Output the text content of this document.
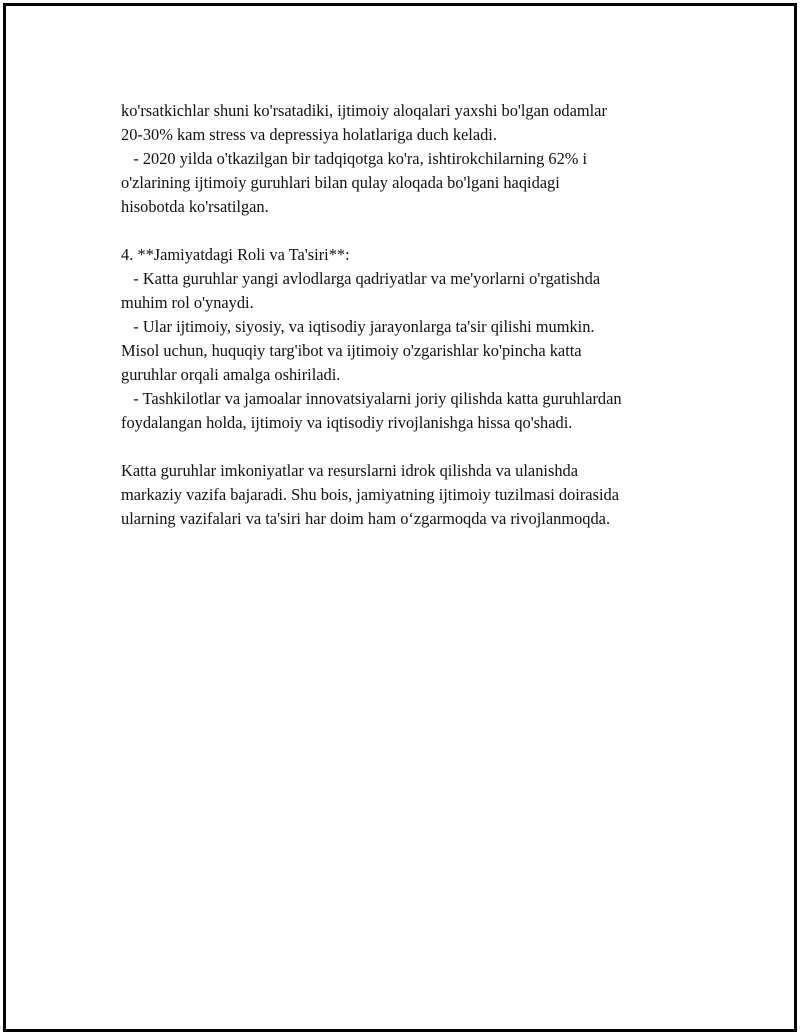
ko'rsatkichlar shuni ko'rsatadiki, ijtimoiy aloqalari yaxshi bo'lgan odamlar
20-30% kam stress va depressiya holatlariga duch keladi.
- 2020 yilda o'tkazilgan bir tadqiqotga ko'ra, ishtirokchilarning 62% i
o'zlarining ijtimoiy guruhlari bilan qulay aloqada bo'lgani haqidagi
hisobotda ko'rsatilgan.
4. **Jamiyatdagi Roli va Ta'siri**:
- Katta guruhlar yangi avlodlarga qadriyatlar va me'yorlarni o'rgatishda
muhim rol o'ynaydi.
- Ular ijtimoiy, siyosiy, va iqtisodiy jarayonlarga ta'sir qilishi mumkin.
Misol uchun, huquqiy targ'ibot va ijtimoiy o'zgarishlar ko'pincha katta
guruhlar orqali amalga oshiriladi.
- Tashkilotlar va jamoalar innovatsiyalarni joriy qilishda katta guruhlardan
foydalangan holda, ijtimoiy va iqtisodiy rivojlanishga hissa qo'shadi.
Katta guruhlar imkoniyatlar va resurslarni idrok qilishda va ulanishda
markaziy vazifa bajaradi. Shu bois, jamiyatning ijtimoiy tuzilmasi doirasida
ularning vazifalari va ta'siri har doim ham o‘zgarmoqda va rivojlanmoqda.
